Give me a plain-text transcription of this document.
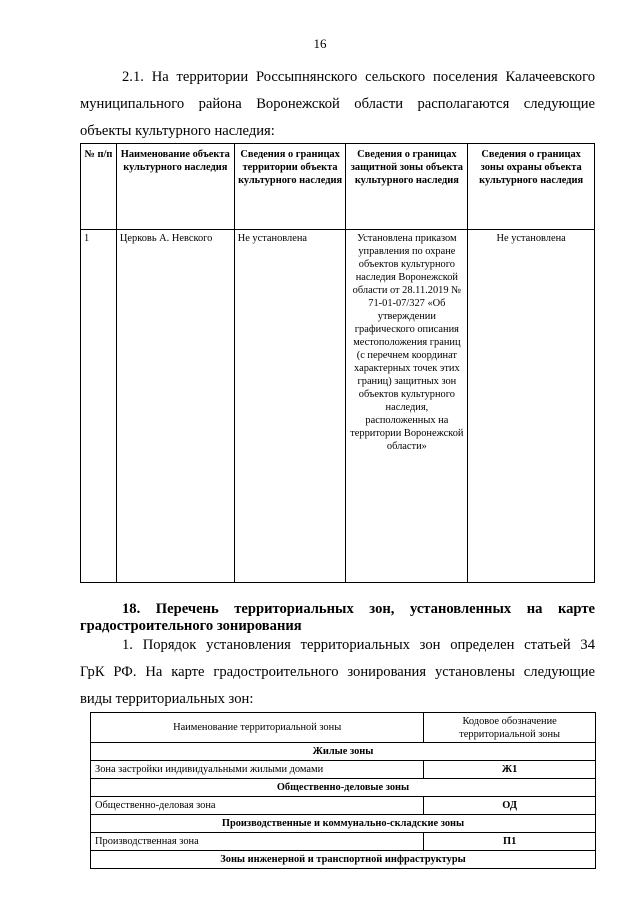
16
2.1. На территории Россыпнянского сельского поселения Калачеевского
муниципального района Воронежской области располагаются следующие
объекты культурного наследия:
№ п/п	Наименование объекта культурного наследия	Сведения о границах территории объекта культурного наследия	Сведения о границах защитной зоны объекта культурного наследия	Сведения о границах зоны охраны объекта культурного наследия
1	Церковь А. Невского	Не установлена	Установлена приказом управления по охране объектов культурного наследия Воронежской области от 28.11.2019 № 71-01-07/327 «Об утверждении графического описания местоположения границ (с перечнем координат характерных точек этих границ) защитных зон объектов культурного наследия, расположенных на территории Воронежской области»	Не установлена
18. Перечень территориальных зон, установленных на карте
градостроительного зонирования
1. Порядок установления территориальных зон определен статьей 34
ГрК РФ. На карте градостроительного зонирования установлены следующие
виды территориальных зон:
Наименование территориальной зоны	Кодовое обозначение территориальной зоны
Жилые зоны	
Зона застройки индивидуальными жилыми домами	Ж1
Общественно-деловые зоны	
Общественно-деловая зона	ОД
Производственные и коммунально-складские зоны	
Производственная зона	П1
Зоны инженерной и транспортной инфраструктуры	
